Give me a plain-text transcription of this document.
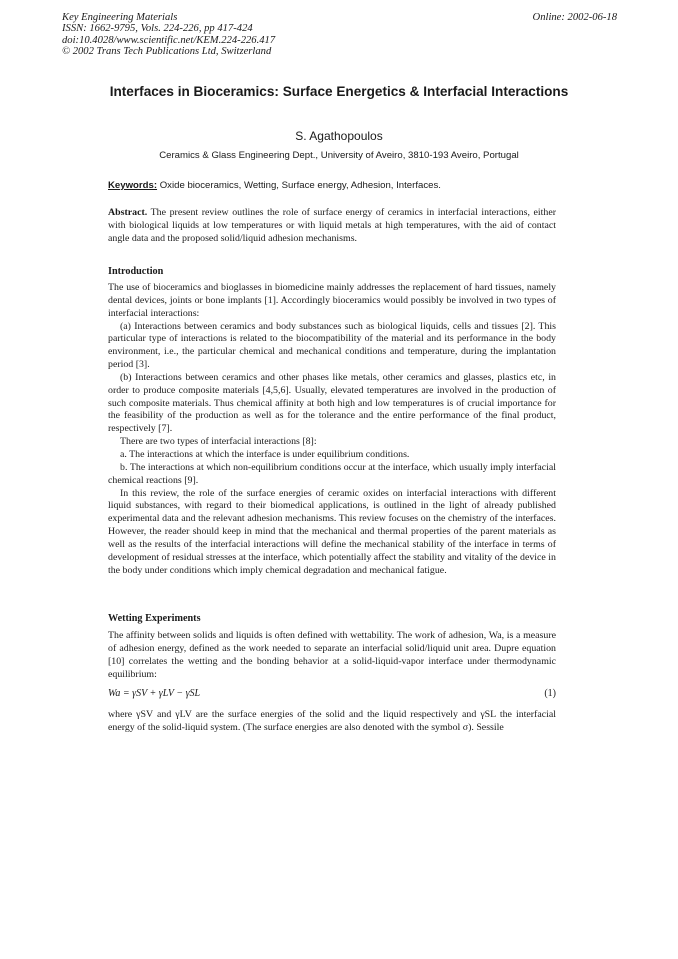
Key Engineering Materials
ISSN: 1662-9795, Vols. 224-226, pp 417-424
doi:10.4028/www.scientific.net/KEM.224-226.417
© 2002 Trans Tech Publications Ltd, Switzerland
Online: 2002-06-18
Interfaces in Bioceramics: Surface Energetics & Interfacial Interactions
S. Agathopoulos
Ceramics & Glass Engineering Dept., University of Aveiro, 3810-193 Aveiro, Portugal
Keywords: Oxide bioceramics, Wetting, Surface energy, Adhesion, Interfaces.

Abstract. The present review outlines the role of surface energy of ceramics in interfacial interactions, either with biological liquids at low temperatures or with liquid metals at high temperatures, with the aid of contact angle data and the proposed solid/liquid adhesion mechanisms.

Introduction

The use of bioceramics and bioglasses in biomedicine mainly addresses the replacement of hard tissues, namely dental devices, joints or bone implants [1]. Accordingly bioceramics would possibly be involved in two types of interfacial interactions:

(a) Interactions between ceramics and body substances such as biological liquids, cells and tissues [2]. This particular type of interactions is related to the biocompatibility of the material and its performance in the body environment, i.e., the particular chemical and mechanical conditions and temperature, during the implantation period [3].

(b) Interactions between ceramics and other phases like metals, other ceramics and glasses, plastics etc, in order to produce composite materials [4,5,6]. Usually, elevated temperatures are involved in the production of such composite materials. Thus chemical affinity at both high and low temperatures is of crucial importance for the feasibility of the production as well as for the tolerance and the entire performance of the final product, respectively [7].

There are two types of interfacial interactions [8]:

a. The interactions at which the interface is under equilibrium conditions.

b. The interactions at which non-equilibrium conditions occur at the interface, which usually imply interfacial chemical reactions [9].

In this review, the role of the surface energies of ceramic oxides on interfacial interactions with different liquid substances, with regard to their biomedical applications, is outlined in the light of already published experimental data and the relevant adhesion mechanisms. This review focuses on the chemistry of the interfaces. However, the reader should keep in mind that the mechanical and thermal properties of the parent materials as well as the results of the interfacial interactions will define the mechanical stability of the interface in terms of development of residual stresses at the interface, which potentially affect the stability and vitality of the device in the body under conditions which imply chemical degradation and mechanical fatigue.

Wetting Experiments

The affinity between solids and liquids is often defined with wettability. The work of adhesion, Wa, is a measure of adhesion energy, defined as the work needed to separate an interfacial solid/liquid unit area. Dupre equation [10] correlates the wetting and the bonding behavior at a solid-liquid-vapor interface under thermodynamic equilibrium:

Wa = γSV + γLV − γSL	(1)

where γSV and γLV are the surface energies of the solid and the liquid respectively and γSL the interfacial energy of the solid-liquid system. (The surface energies are also denoted with the symbol σ). Sessile
